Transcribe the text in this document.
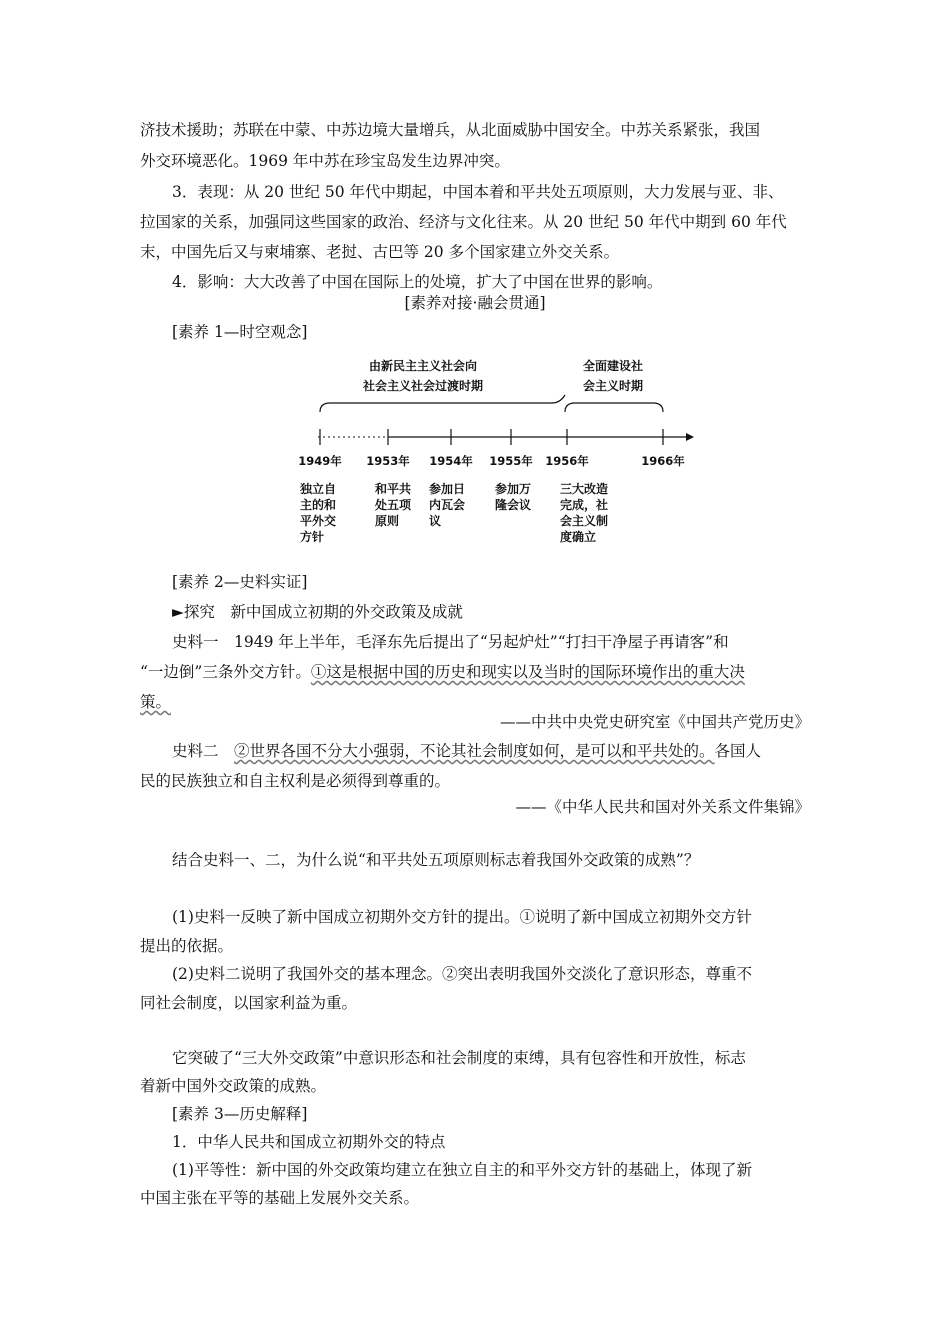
济技术援助；苏联在中蒙、中苏边境大量增兵，从北面威胁中国安全。中苏关系紧张，我国
外交环境恶化。1969 年中苏在珍宝岛发生边界冲突。
3．表现：从 20 世纪 50 年代中期起，中国本着和平共处五项原则，大力发展与亚、非、
拉国家的关系，加强同这些国家的政治、经济与文化往来。从 20 世纪 50 年代中期到 60 年代
末，中国先后又与柬埔寨、老挝、古巴等 20 多个国家建立外交关系。
4．影响：大大改善了中国在国际上的处境，扩大了中国在世界的影响。
[素养对接·融会贯通]
[素养 1—时空观念]
由新民主主义社会向
社会主义社会过渡时期
全面建设社
会主义时期
1949年 1953年 1954年 1955年 1956年	1966年
独立自
主的和
平外交
方针
和平共
处五项
原则
参加日
内瓦会
议
参加万
隆会议
三大改造
完成，社
会主义制
度确立
[素养 2—史料实证]
►探究　新中国成立初期的外交政策及成就
史料一　1949 年上半年，毛泽东先后提出了“另起炉灶”“打扫干净屋子再请客”和
“一边倒”三条外交方针。①这是根据中国的历史和现实以及当时的国际环境作出的重大决
策。
——中共中央党史研究室《中国共产党历史》
史料二　②世界各国不分大小强弱，不论其社会制度如何，是可以和平共处的。各国人
民的民族独立和自主权利是必须得到尊重的。
——《中华人民共和国对外关系文件集锦》
结合史料一、二，为什么说“和平共处五项原则标志着我国外交政策的成熟”？
(1)史料一反映了新中国成立初期外交方针的提出。①说明了新中国成立初期外交方针
提出的依据。
(2)史料二说明了我国外交的基本理念。②突出表明我国外交淡化了意识形态，尊重不
同社会制度，以国家利益为重。
它突破了“三大外交政策”中意识形态和社会制度的束缚，具有包容性和开放性，标志
着新中国外交政策的成熟。
[素养 3—历史解释]
1．中华人民共和国成立初期外交的特点
(1)平等性：新中国的外交政策均建立在独立自主的和平外交方针的基础上，体现了新
中国主张在平等的基础上发展外交关系。
